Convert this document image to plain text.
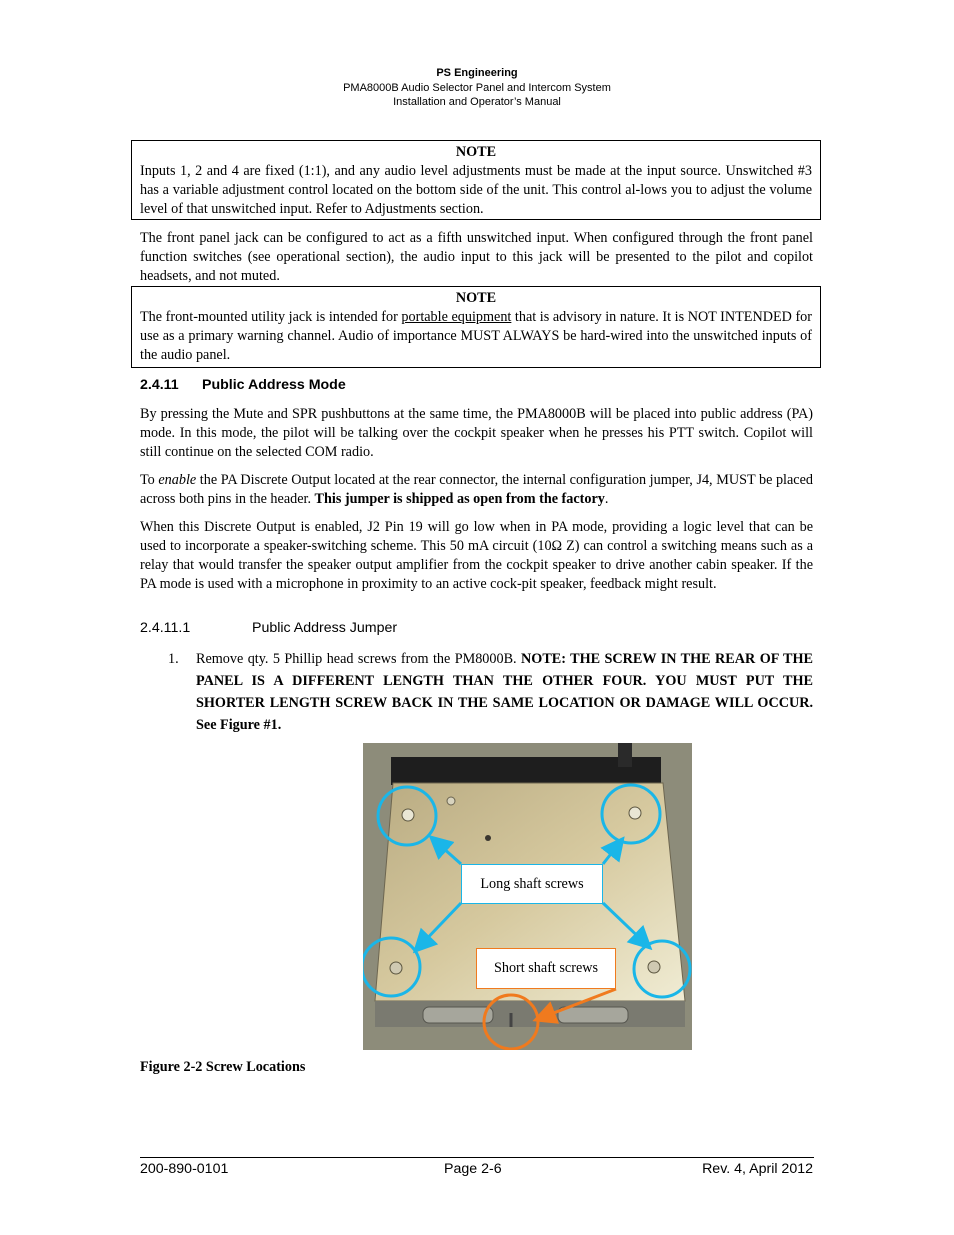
PS Engineering
PMA8000B Audio Selector Panel and Intercom System
Installation and Operator’s Manual
NOTE
Inputs 1, 2 and 4 are fixed (1:1), and any audio level adjustments must be made at the input source. Unswitched #3 has a variable adjustment control located on the bottom side of the unit. This control al-lows you to adjust the volume level of that unswitched input. Refer to Adjustments section.

The front panel jack can be configured to act as a fifth unswitched input. When configured through the front panel function switches (see operational section), the audio input to this jack will be presented to the pilot and copilot headsets, and not muted.

NOTE
The front-mounted utility jack is intended for portable equipment that is advisory in nature. It is NOT INTENDED for use as a primary warning channel. Audio of importance MUST ALWAYS be hard-wired into the unswitched inputs of the audio panel.
2.4.11 Public Address Mode

By pressing the Mute and SPR pushbuttons at the same time, the PMA8000B will be placed into public address (PA) mode. In this mode, the pilot will be talking over the cockpit speaker when he presses his PTT switch. Copilot will still continue on the selected COM radio.

To enable the PA Discrete Output located at the rear connector, the internal configuration jumper, J4, MUST be placed across both pins in the header. This jumper is shipped as open from the factory.

When this Discrete Output is enabled, J2 Pin 19 will go low when in PA mode, providing a logic level that can be used to incorporate a speaker-switching scheme. This 50 mA circuit (10Ω Z) can control a switching means such as a relay that would transfer the speaker output amplifier from the cockpit speaker to drive another cabin speaker. If the PA mode is used with a microphone in proximity to an active cock-pit speaker, feedback might result.

2.4.11.1	Public Address Jumper
1. Remove qty. 5 Phillip head screws from the PM8000B. NOTE: THE SCREW IN THE REAR OF THE PANEL IS A DIFFERENT LENGTH THAN THE OTHER FOUR. YOU MUST PUT THE SHORTER LENGTH SCREW BACK IN THE SAME LOCATION OR DAMAGE WILL OCCUR. See Figure #1.

Long shaft screws
Short shaft screws
Figure 2-2 Screw Locations
200-890-0101	Page 2-6	Rev. 4, April 2012
